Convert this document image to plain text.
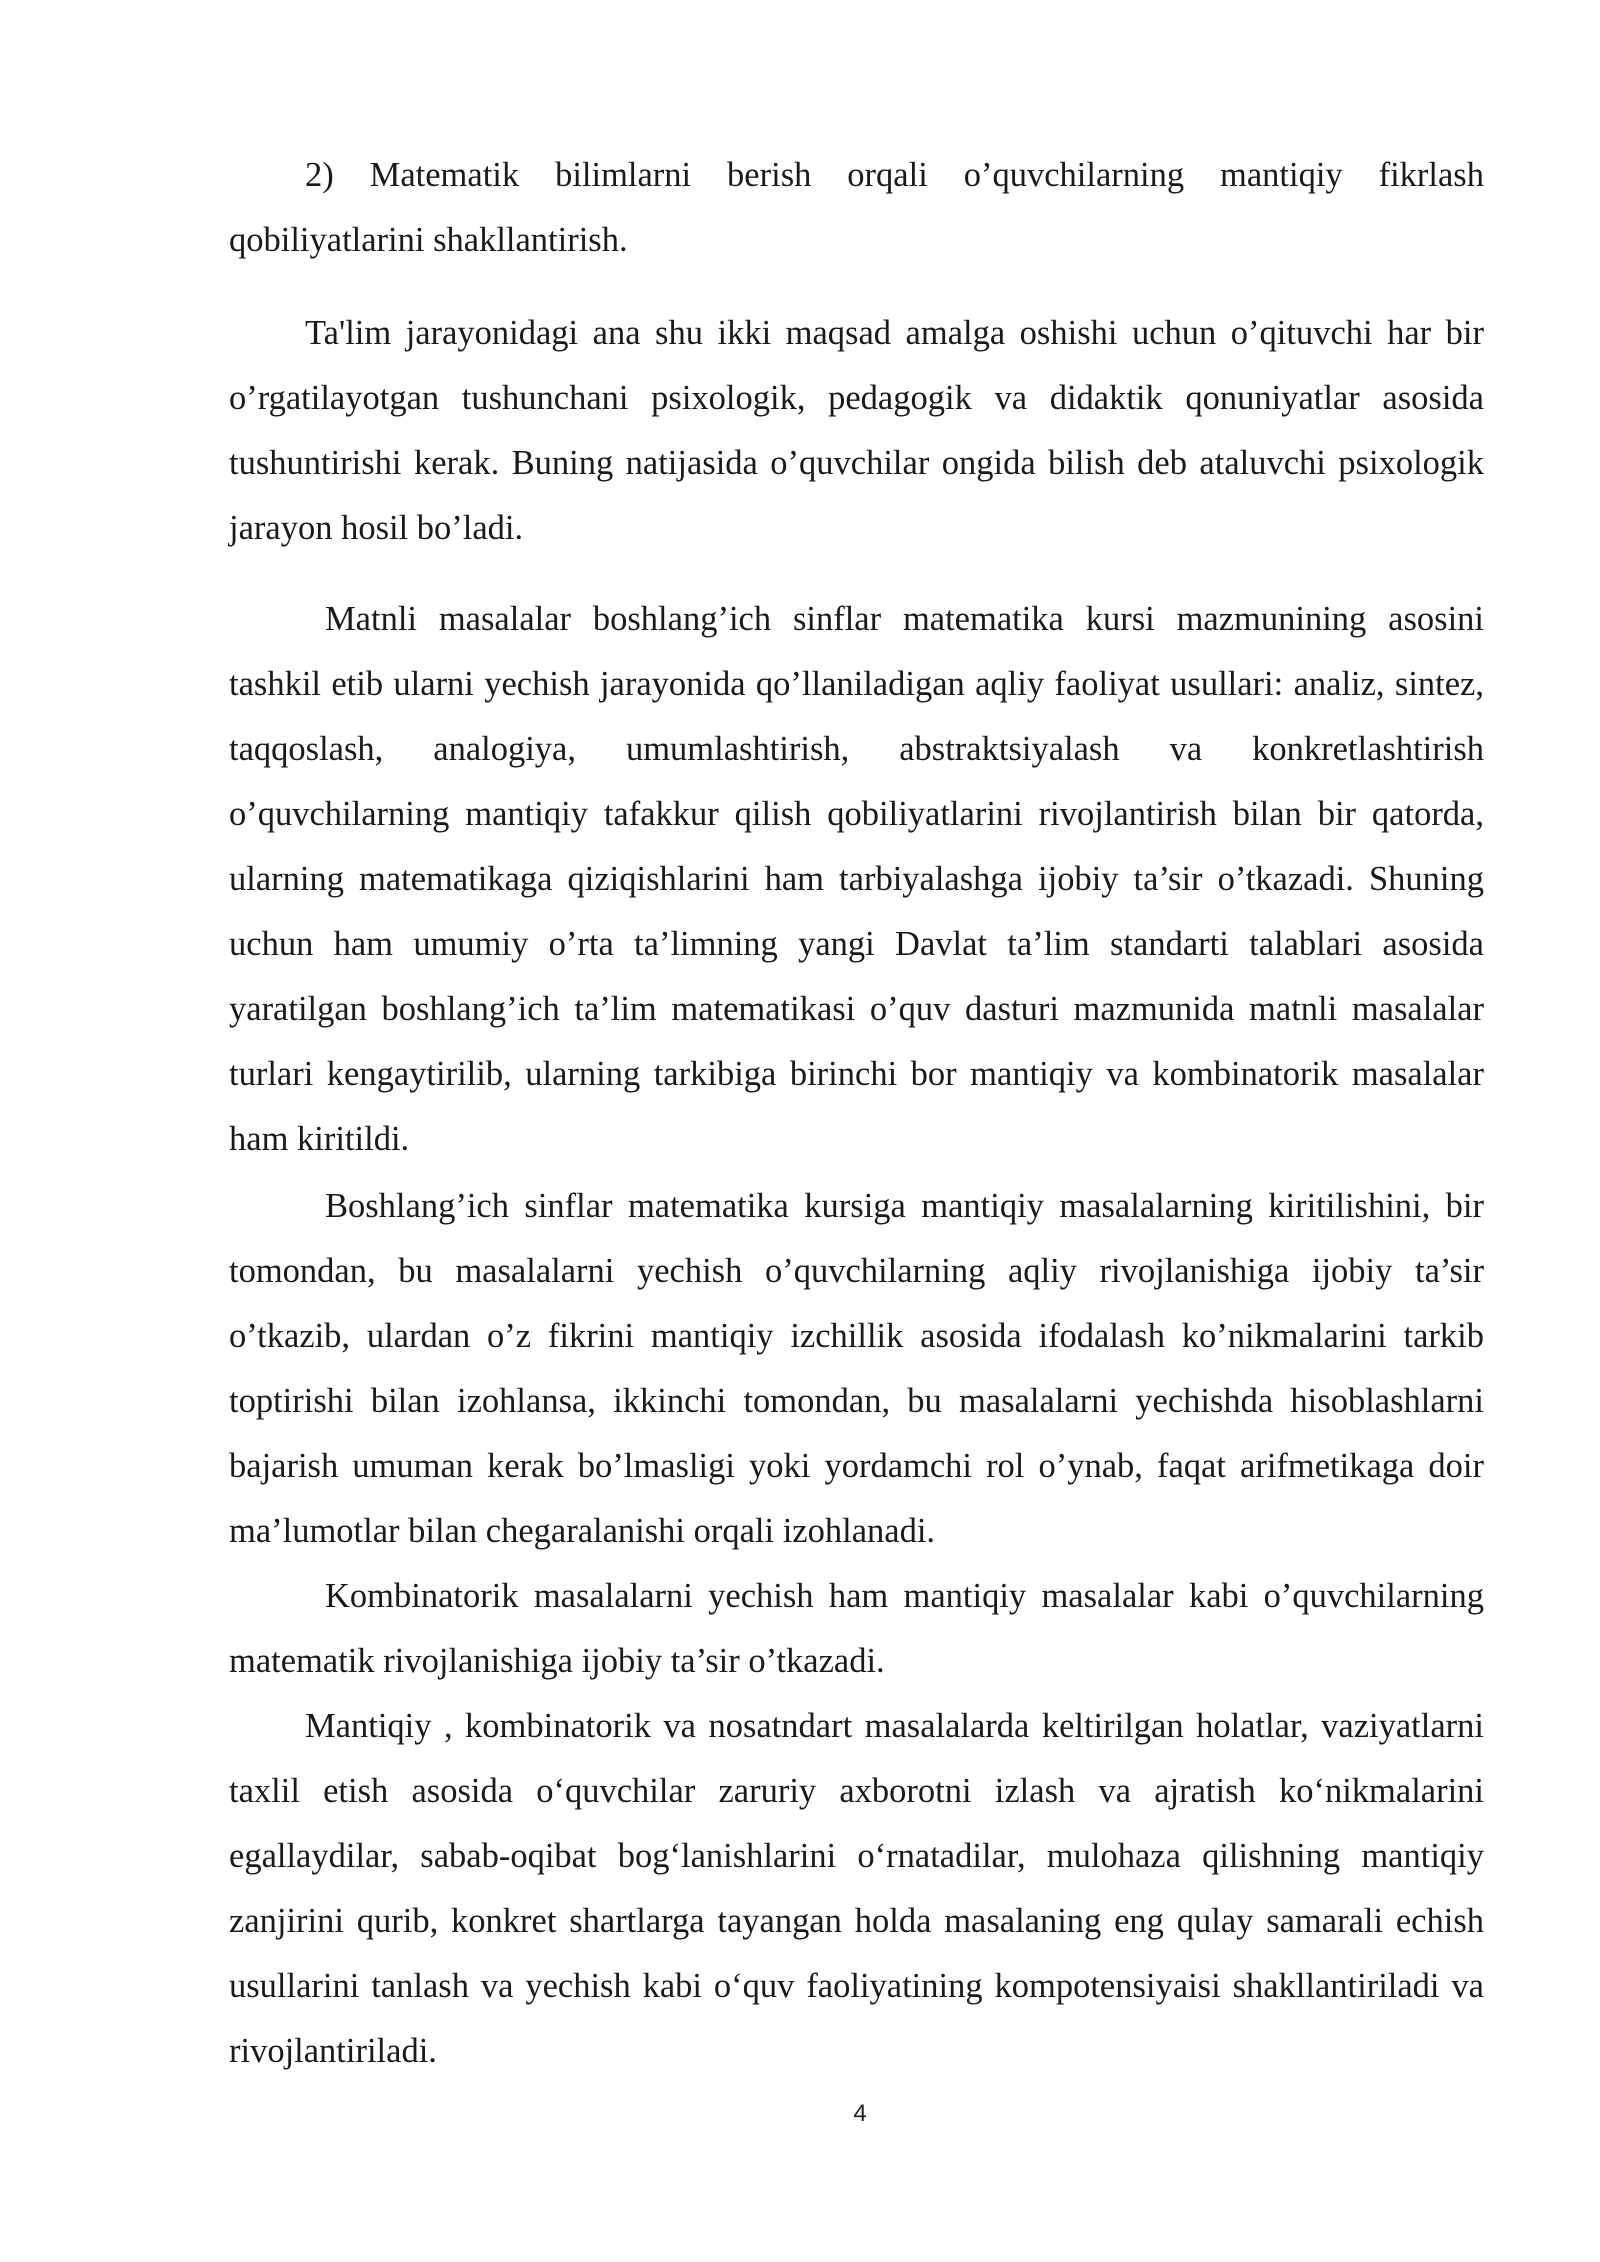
2) Matematik bilimlarni berish orqali o’quvchilarning mantiqiy fikrlash qobiliyatlarini shakllantirish.

Ta'lim jarayonidagi ana shu ikki maqsad amalga oshishi uchun o’qituvchi har bir o’rgatilayotgan tushunchani psixologik, pedagogik va didaktik qonuniyatlar asosida tushuntirishi kerak. Buning natijasida o’quvchilar ongida bilish deb ataluvchi psixologik jarayon hosil bo’ladi.

Matnli masalalar boshlang’ich sinflar matematika kursi mazmunining asosini tashkil etib ularni yechish jarayonida qo’llaniladigan aqliy faoliyat usullari: analiz, sintez, taqqoslash, analogiya, umumlashtirish, abstraktsiyalash va konkretlashtirish o’quvchilarning mantiqiy tafakkur qilish qobiliyatlarini rivojlantirish bilan bir qatorda, ularning matematikaga qiziqishlarini ham tarbiyalashga ijobiy ta’sir o’tkazadi. Shuning uchun ham umumiy o’rta ta’limning yangi Davlat ta’lim standarti talablari asosida yaratilgan boshlang’ich ta’lim matematikasi o’quv dasturi mazmunida matnli masalalar turlari kengaytirilib, ularning tarkibiga birinchi bor mantiqiy va kombinatorik masalalar ham kiritildi.

Boshlang’ich sinflar matematika kursiga mantiqiy masalalarning kiritilishini, bir tomondan, bu masalalarni yechish o’quvchilarning aqliy rivojlanishiga ijobiy ta’sir o’tkazib, ulardan o’z fikrini mantiqiy izchillik asosida ifodalash ko’nikmalarini tarkib toptirishi bilan izohlansa, ikkinchi tomondan, bu masalalarni yechishda hisoblashlarni bajarish umuman kerak bo’lmasligi yoki yordamchi rol o’ynab, faqat arifmetikaga doir ma’lumotlar bilan chegaralanishi orqali izohlanadi.

Kombinatorik masalalarni yechish ham mantiqiy masalalar kabi o’quvchilarning matematik rivojlanishiga ijobiy ta’sir o’tkazadi.

Mantiqiy , kombinatorik va nosatndart masalalarda keltirilgan holatlar, vaziyatlarni taxlil etish asosida o‘quvchilar zaruriy axborotni izlash va ajratish ko‘nikmalarini egallaydilar, sabab-oqibat bog‘lanishlarini o‘rnatadilar, mulohaza qilishning mantiqiy zanjirini qurib, konkret shartlarga tayangan holda masalaning eng qulay samarali echish usullarini tanlash va yechish kabi o‘quv faoliyatining kompotensiyaisi shakllantiriladi va rivojlantiriladi.

4
